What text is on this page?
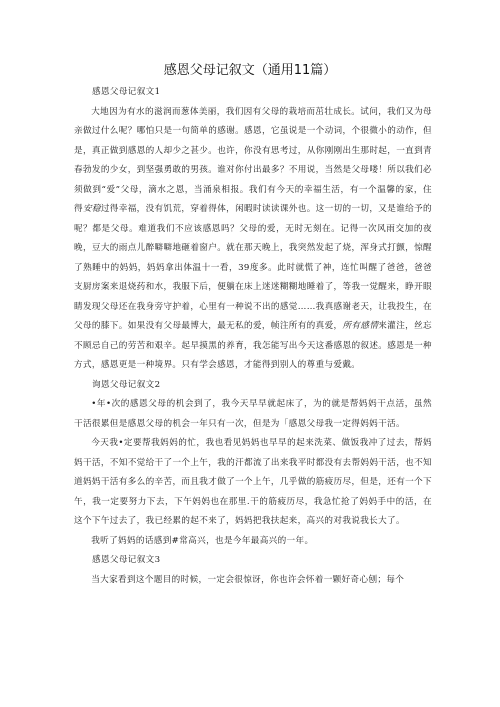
感恩父母记叙文（通用11篇）
感恩父母记叙文1

大地因为有水的滋润而葱体美丽，我们因有父母的栽培而茁壮成长。试问，我们又为母亲做过什么呢？哪怕只是一句简单的感谢。感恩，它虽说是一个动词，个很微小的动作，但是，真正做到感恩的人却少之甚少。也许，你没有思考过，从你刚刚出生那时起，一直到青春勃发的少女，到坚强勇敢的男孩。谁对你付出最多？不用说，当然是父母喽！所以我们必须做到“爱”父母，滴水之恩，当涌泉相报。我们有今天的幸福生活，有一个温馨的家，住得安稳过得幸福，没有饥荒，穿着得体，闲暇时读读课外也。这一切的一切，又是谁给予的呢？都是父母。难道我们不应该感恩吗？父母的爱，无时无刻在。记得一次风雨交加的夜晚，豆大的雨点儿醉噼噼地砸着窗户。就在那天晚上，我突然发起了烧，浑身式打颤，惊醒了熟睡中的妈妈，妈妈拿出体温十一看，39度多。此时就慌了神，连忙叫醒了爸爸，爸爸支厨房案来退烧药和水，我服下后，便躺在床上迷迷糊糊地睡着了，等我一觉醒来，睁开眼睛发现父母还在我身旁守护着，心里有一种说不出的感觉……我真感谢老天，让我投生，在父母的膝下。如果没有父母最博大，最无私的爱，帧注所有的真爱，所有感情来灌注，丝忘不顾忌自己的劳苦和艰辛。起早摸黑的养育，我怎能写出今天这番感恩的叙述。感恩是一种方式，感恩更是一种境界。只有学会感恩，才能得到别人的尊重与爱戴。

询恩父母记叙文2

•年•次的感恩父母的机会到了，我今天早早就起床了，为的就是帮妈妈干点活，虽然干活很累但是感恩父母的机会一年只有一次，但是为「感恩父母我一定得妈妈干活。

今天我•定要帮我妈妈的忙，我也看见妈妈也早早的起来洗菜、做饭我冲了过去，帮妈妈干活，不知不觉给干了一个上午，我的汗都流了出来我平时都没有去帮妈妈干活，也不知道妈妈干活有多么的辛苦，而且我才做了一个上午，几乎做的筋疲历尽，但是，还有一个下午，我一定要努力下去，下午妈妈也在那里.干的筋疲历尽，我急忙抢了妈妈手中的活，在这个下午过去了，我已经累的起不来了，妈妈把我扶起来，高兴的对我说我长大了。

我听了妈妈的话感到#常高兴，也是今年最高兴的一年。

感恩父母记叙文3

当大家看到这个题目的时候，一定会很惊讶，你也许会怀着一颗好奇心刨；每个
